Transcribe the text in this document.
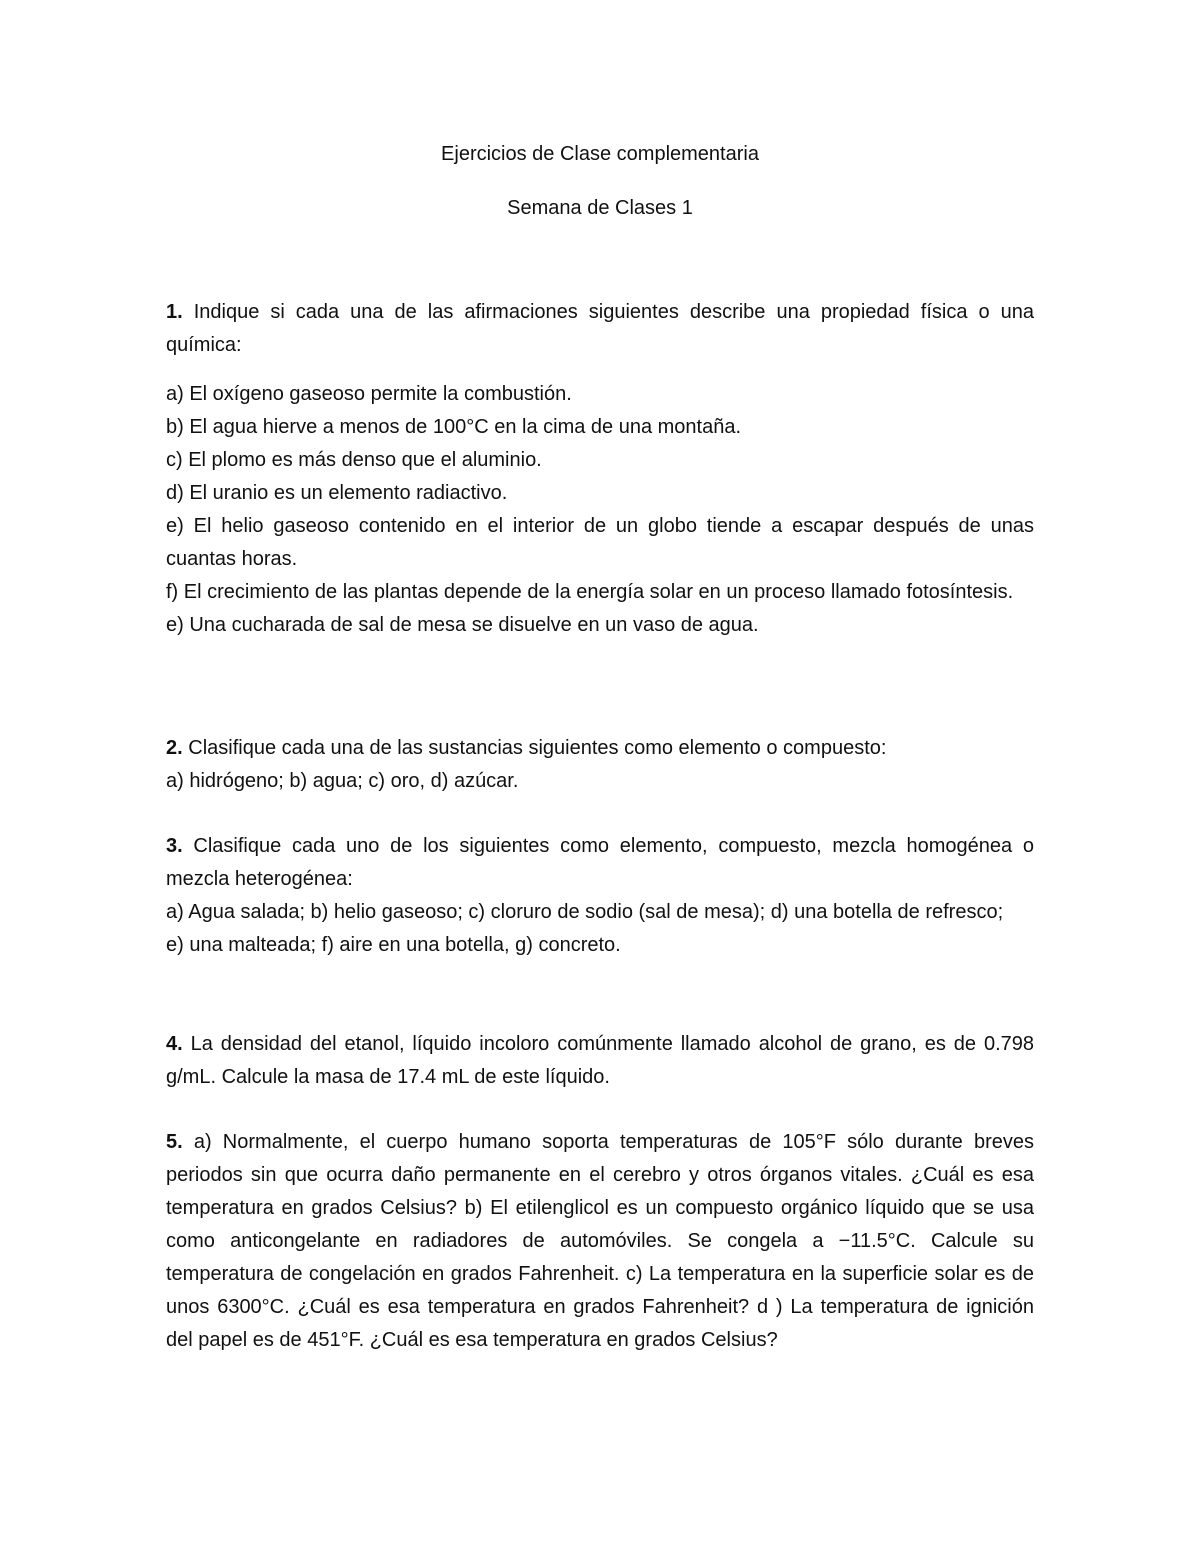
Ejercicios de Clase complementaria
Semana de Clases 1
1. Indique si cada una de las afirmaciones siguientes describe una propiedad física o una química:
a) El oxígeno gaseoso permite la combustión.
b) El agua hierve a menos de 100°C en la cima de una montaña.
c) El plomo es más denso que el aluminio.
d) El uranio es un elemento radiactivo.
e) El helio gaseoso contenido en el interior de un globo tiende a escapar después de unas cuantas horas.
f) El crecimiento de las plantas depende de la energía solar en un proceso llamado fotosíntesis.
e) Una cucharada de sal de mesa se disuelve en un vaso de agua.
2. Clasifique cada una de las sustancias siguientes como elemento o compuesto:
a) hidrógeno; b) agua; c) oro, d) azúcar.
3. Clasifique cada uno de los siguientes como elemento, compuesto, mezcla homogénea o mezcla heterogénea:
a) Agua salada; b) helio gaseoso; c) cloruro de sodio (sal de mesa); d) una botella de refresco;
e) una malteada; f) aire en una botella, g) concreto.
4. La densidad del etanol, líquido incoloro comúnmente llamado alcohol de grano, es de 0.798 g/mL. Calcule la masa de 17.4 mL de este líquido.
5. a) Normalmente, el cuerpo humano soporta temperaturas de 105°F sólo durante breves periodos sin que ocurra daño permanente en el cerebro y otros órganos vitales. ¿Cuál es esa temperatura en grados Celsius? b) El etilenglicol es un compuesto orgánico líquido que se usa como anticongelante en radiadores de automóviles. Se congela a −11.5°C. Calcule su temperatura de congelación en grados Fahrenheit. c) La temperatura en la superficie solar es de unos 6300°C. ¿Cuál es esa temperatura en grados Fahrenheit? d ) La temperatura de ignición del papel es de 451°F. ¿Cuál es esa temperatura en grados Celsius?
